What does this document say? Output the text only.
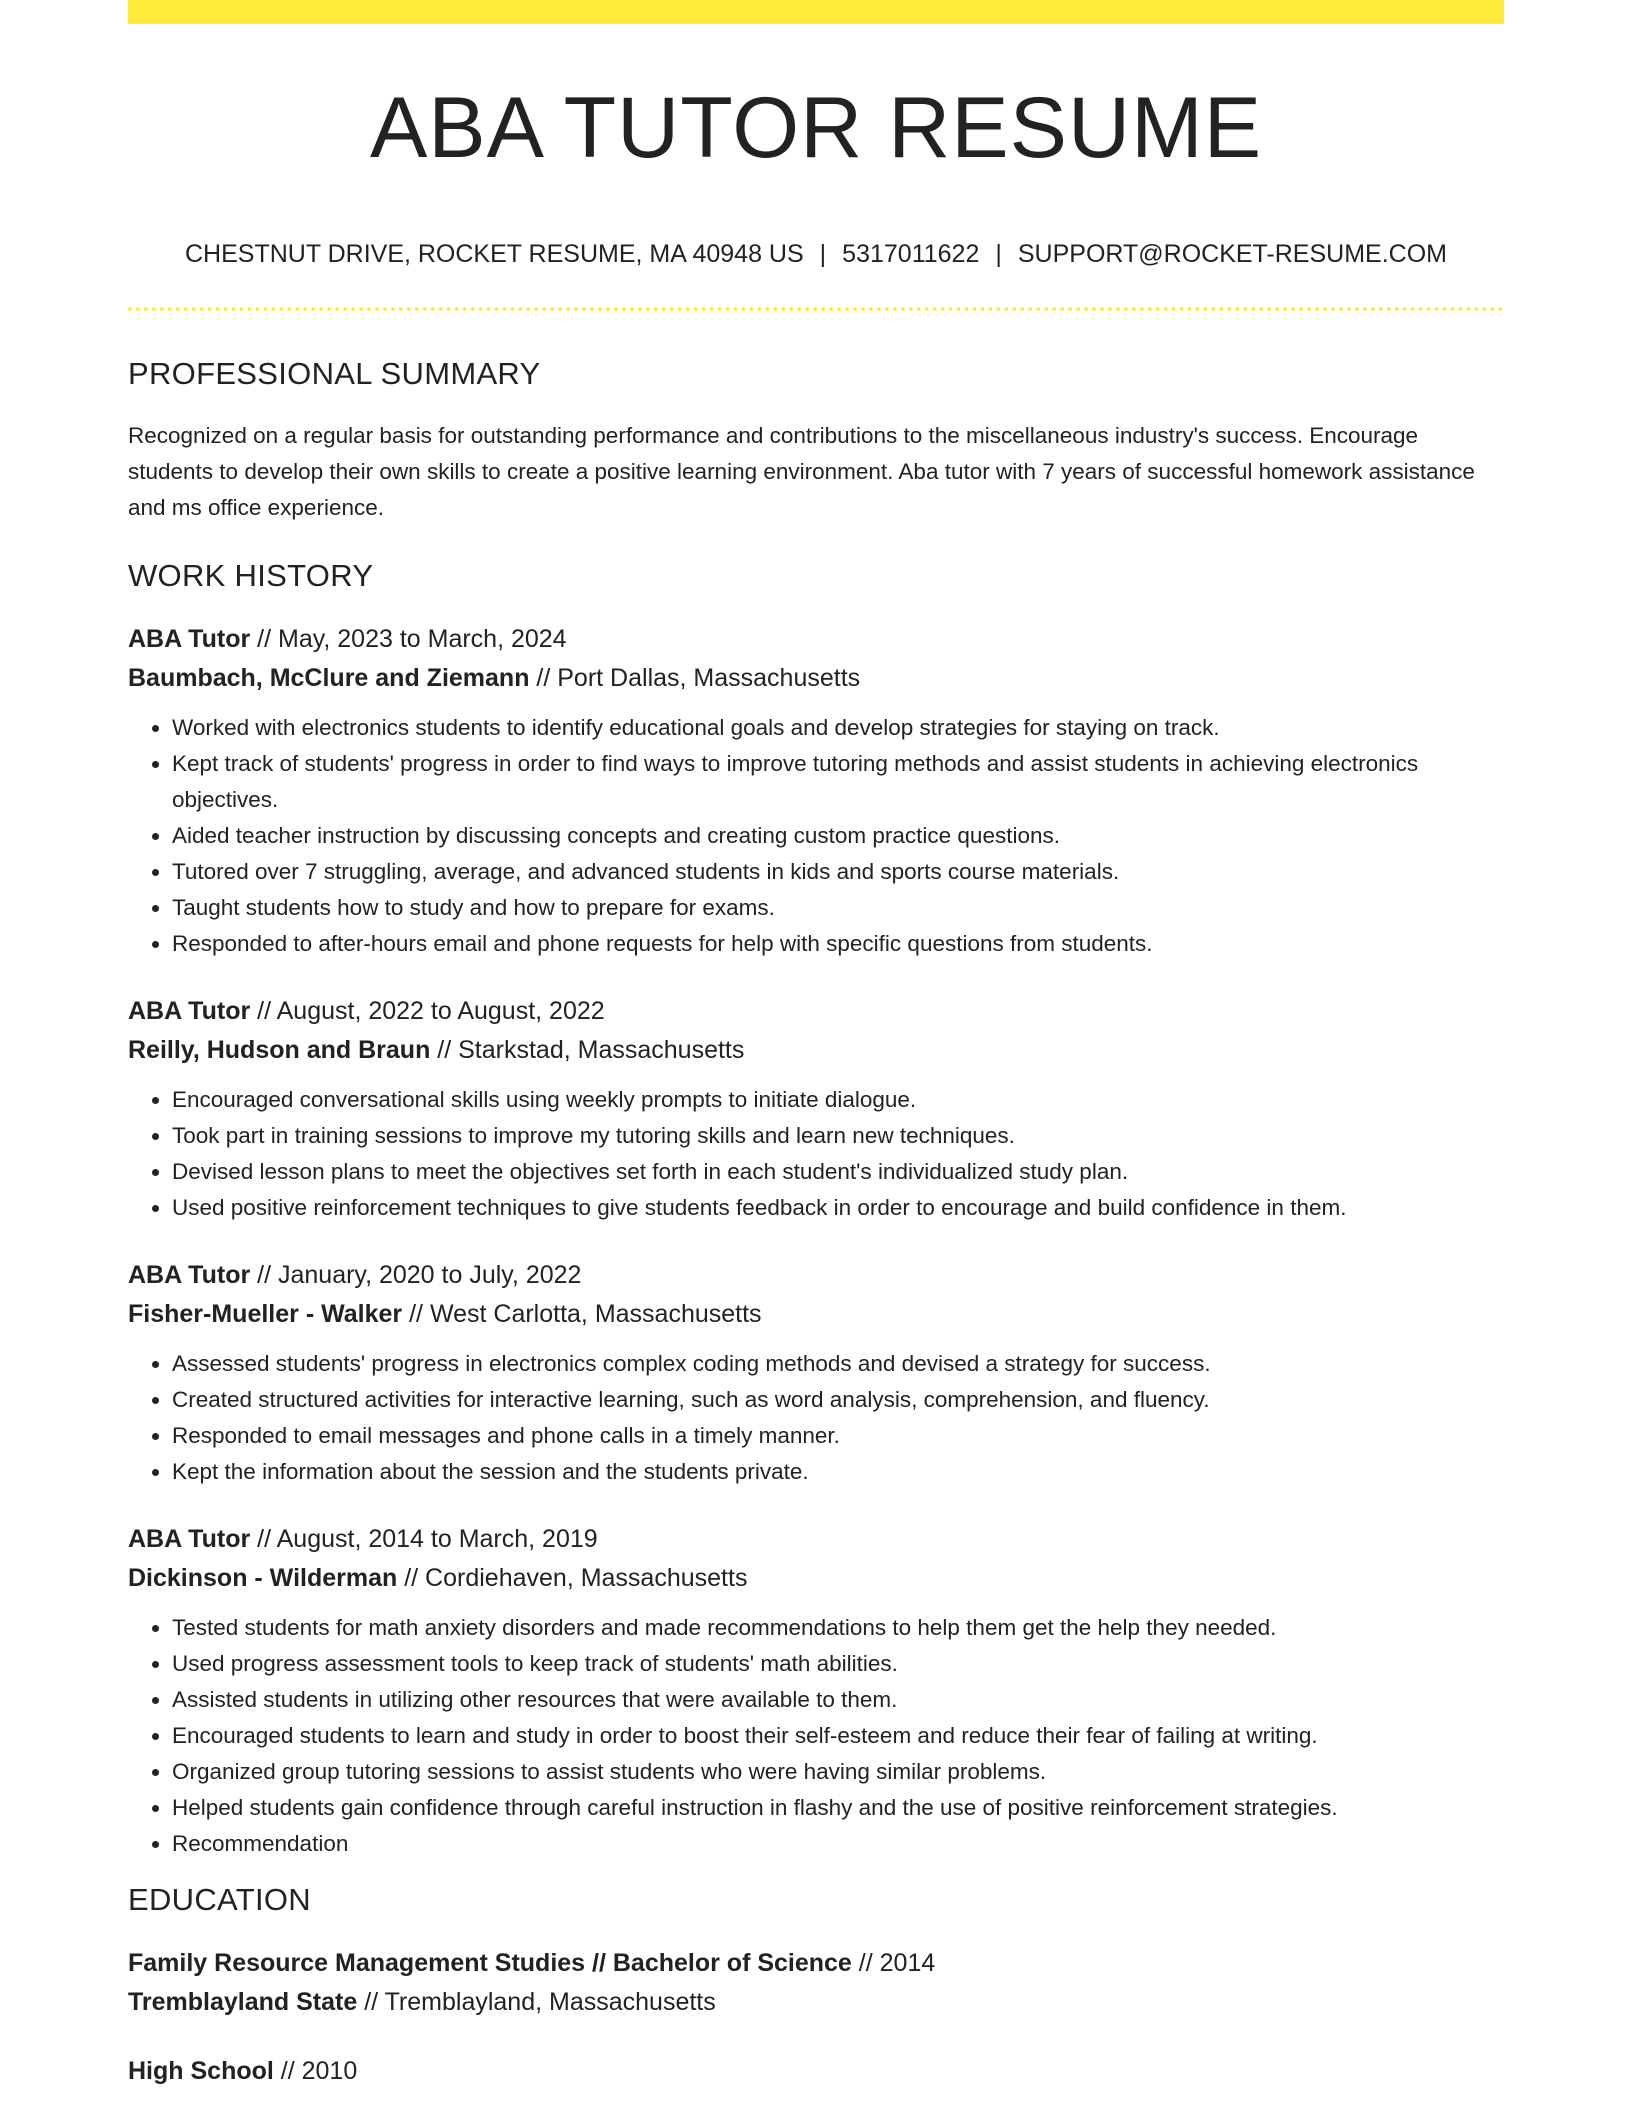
ABA TUTOR RESUME
CHESTNUT DRIVE, ROCKET RESUME, MA 40948 US | 5317011622 | SUPPORT@ROCKET-RESUME.COM
PROFESSIONAL SUMMARY

Recognized on a regular basis for outstanding performance and contributions to the miscellaneous industry's success. Encourage students to develop their own skills to create a positive learning environment. Aba tutor with 7 years of successful homework assistance and ms office experience.

WORK HISTORY
ABA Tutor // May, 2023 to March, 2024
Baumbach, McClure and Ziemann // Port Dallas, Massachusetts
• Worked with electronics students to identify educational goals and develop strategies for staying on track.
• Kept track of students' progress in order to find ways to improve tutoring methods and assist students in achieving electronics objectives.
• Aided teacher instruction by discussing concepts and creating custom practice questions.
• Tutored over 7 struggling, average, and advanced students in kids and sports course materials.
• Taught students how to study and how to prepare for exams.
• Responded to after-hours email and phone requests for help with specific questions from students.
ABA Tutor // August, 2022 to August, 2022
Reilly, Hudson and Braun // Starkstad, Massachusetts
• Encouraged conversational skills using weekly prompts to initiate dialogue.
• Took part in training sessions to improve my tutoring skills and learn new techniques.
• Devised lesson plans to meet the objectives set forth in each student's individualized study plan.
• Used positive reinforcement techniques to give students feedback in order to encourage and build confidence in them.
ABA Tutor // January, 2020 to July, 2022
Fisher-Mueller - Walker // West Carlotta, Massachusetts
• Assessed students' progress in electronics complex coding methods and devised a strategy for success.
• Created structured activities for interactive learning, such as word analysis, comprehension, and fluency.
• Responded to email messages and phone calls in a timely manner.
• Kept the information about the session and the students private.
ABA Tutor // August, 2014 to March, 2019
Dickinson - Wilderman // Cordiehaven, Massachusetts
• Tested students for math anxiety disorders and made recommendations to help them get the help they needed.
• Used progress assessment tools to keep track of students' math abilities.
• Assisted students in utilizing other resources that were available to them.
• Encouraged students to learn and study in order to boost their self-esteem and reduce their fear of failing at writing.
• Organized group tutoring sessions to assist students who were having similar problems.
• Helped students gain confidence through careful instruction in flashy and the use of positive reinforcement strategies.
• Recommendation
EDUCATION
Family Resource Management Studies // Bachelor of Science // 2014
Tremblayland State // Tremblayland, Massachusetts
High School // 2010
